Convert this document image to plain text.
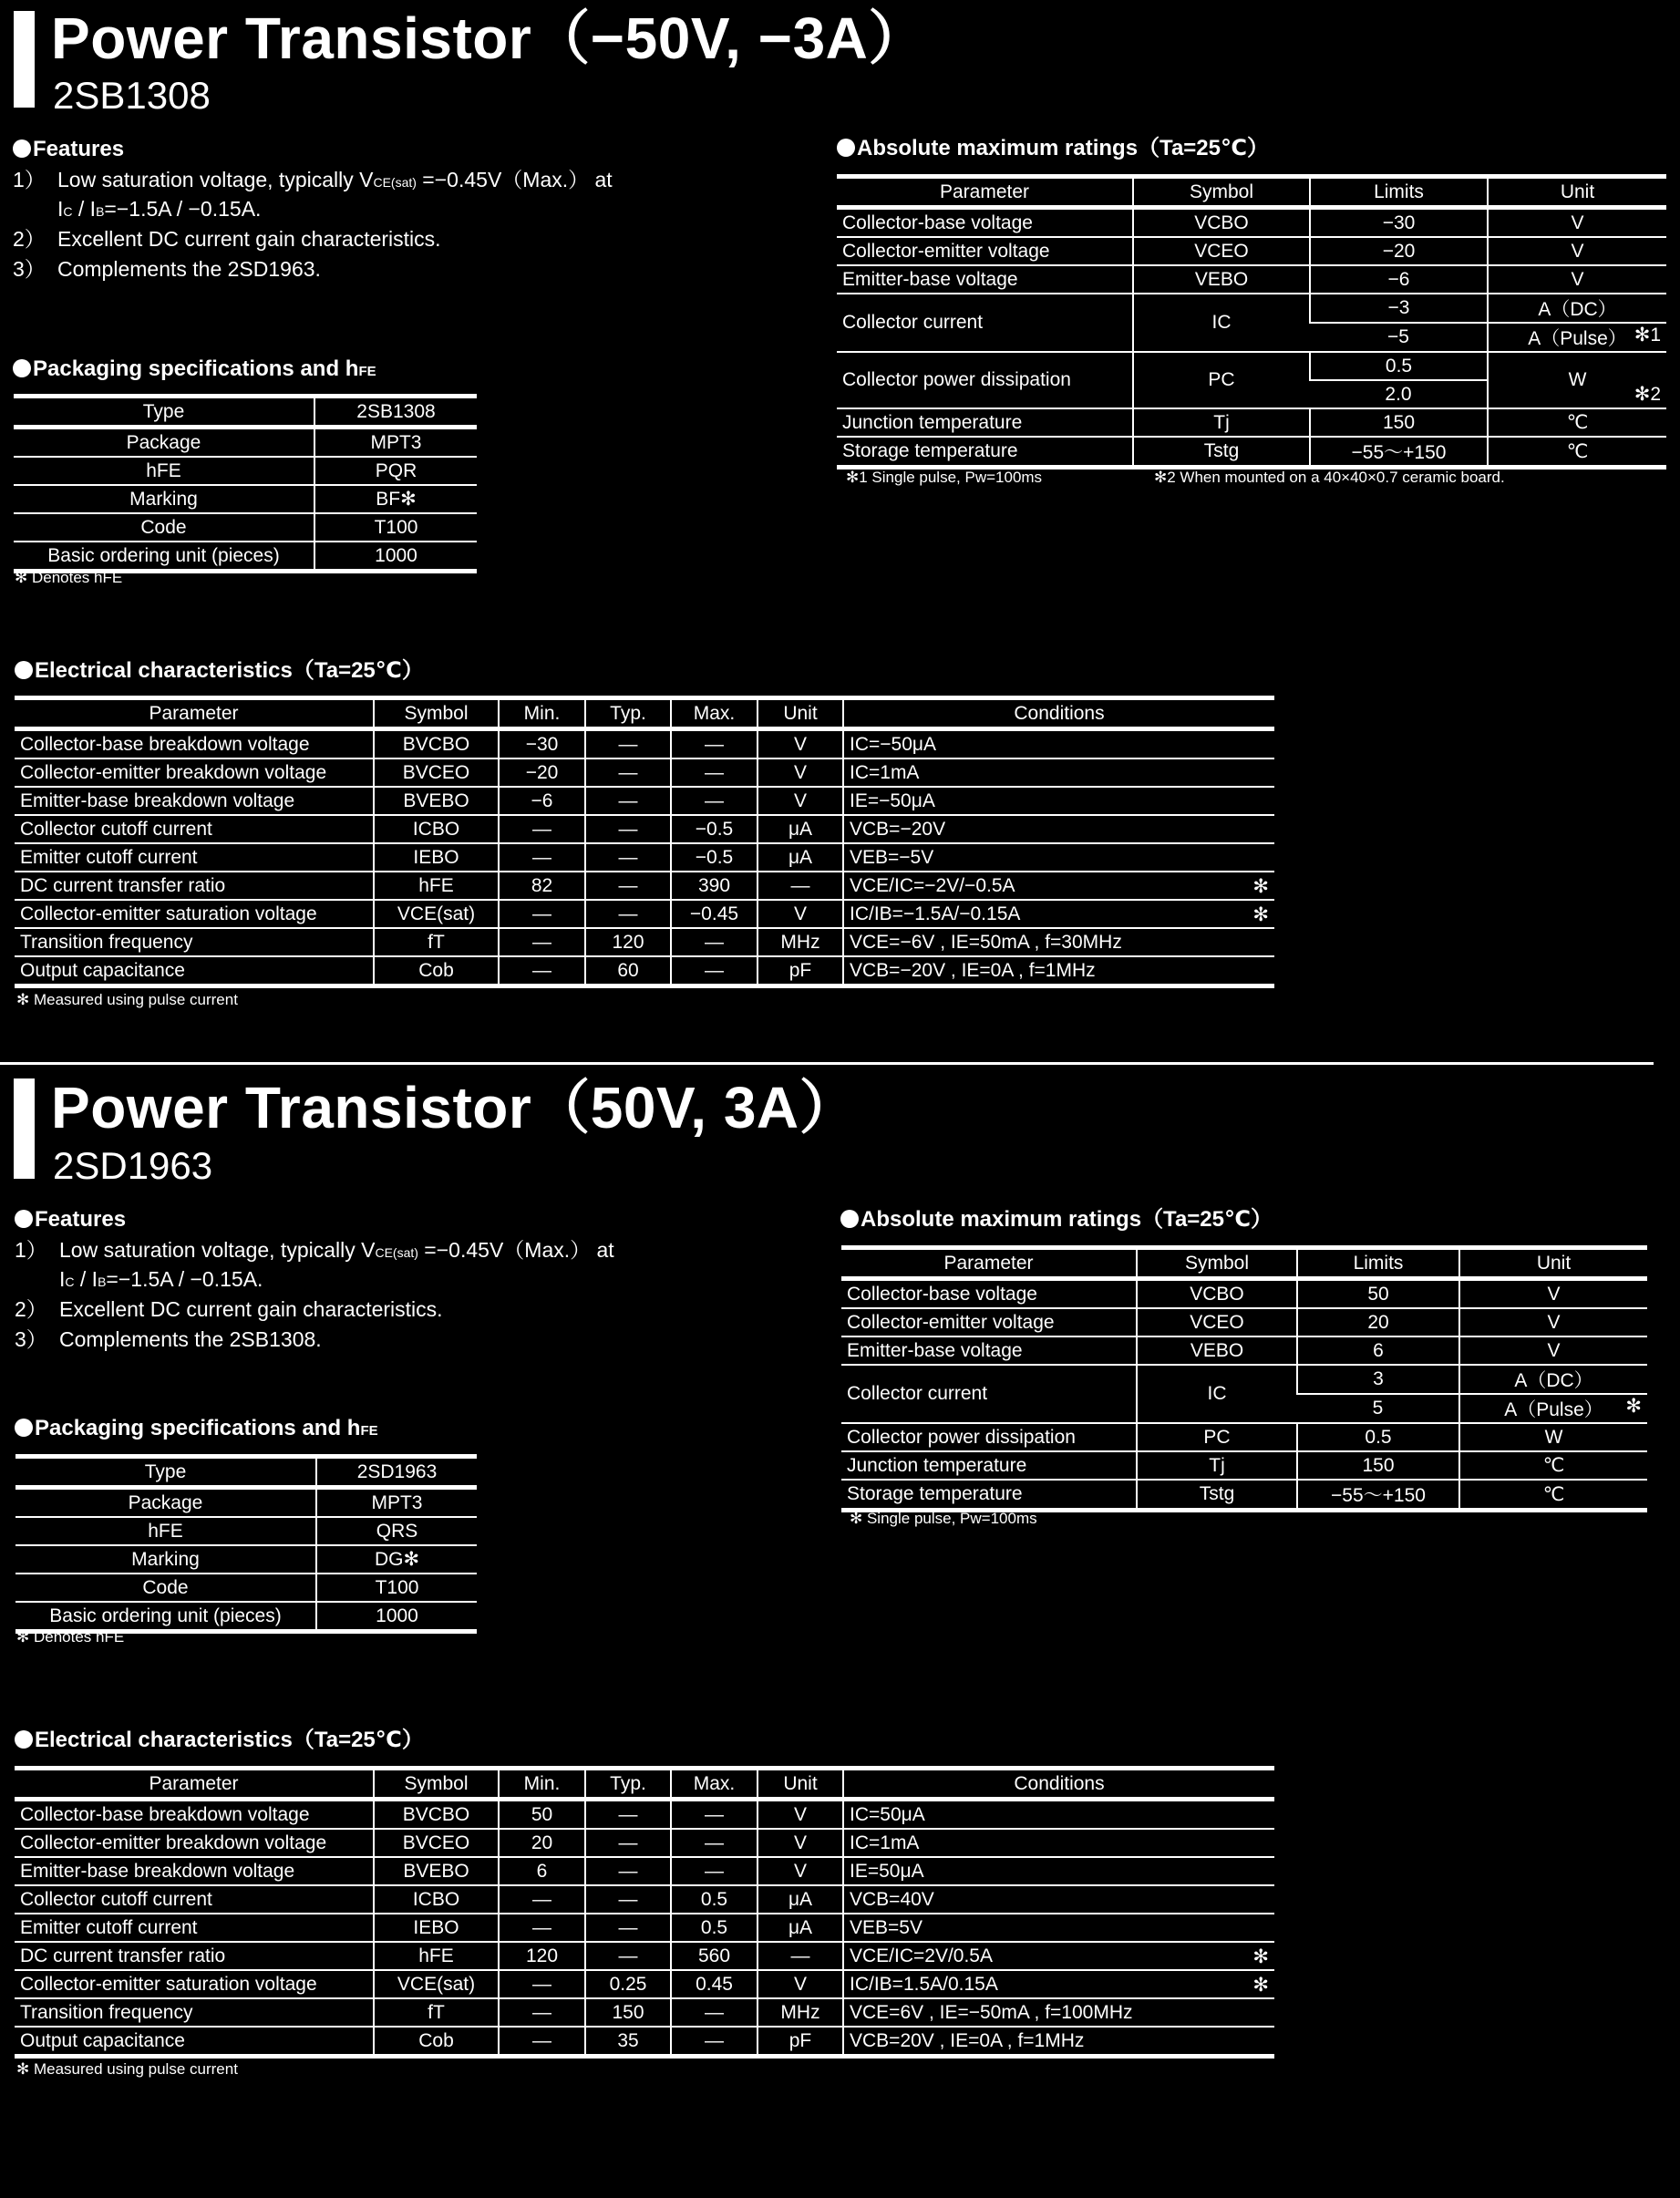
Power Transistor（−50V, −3A）
2SB1308
Features
1） Low saturation voltage, typically VCE(sat) =−0.45V（Max.） at
IC / IB=−1.5A / −0.15A.
2） Excellent DC current gain characteristics.
3） Complements the 2SD1963.
Packaging specifications and hFE
Type	2SB1308
Package	MPT3
hFE	PQR
Marking	BF✻
Code	T100
Basic ordering unit (pieces)	1000
✻ Denotes hFE
Absolute maximum ratings（Ta=25℃）
Parameter	Symbol	Limits	Unit
Collector-base voltage	VCBO	−30	V
Collector-emitter voltage	VCEO	−20	V
Emitter-base voltage	VEBO	−6	V
Collector current	IC	−3	A（DC）
		−5	A（Pulse） ✻1

Collector power dissipation	PC	0.5	W
✻2

		2.0	
Junction temperature	Tj	150	℃
Storage temperature	Tstg	−55～+150	℃
✻1 Single pulse, Pw=100ms	✻2 When mounted on a 40×40×0.7 ceramic board.
Electrical characteristics（Ta=25℃）
Parameter	Symbol	Min.	Typ.	Max.	Unit	Conditions
Collector-base breakdown voltage	BVCBO	−30	—	—	V	IC=−50μA

Collector-emitter breakdown voltage	BVCEO	−20	—	—	V	IC=1mA

Emitter-base breakdown voltage	BVEBO	−6	—	—	V	IE=−50μA

Collector cutoff current	ICBO	—	—	−0.5	μA	VCB=−20V

Emitter cutoff current	IEBO	—	—	−0.5	μA	VEB=−5V

DC current transfer ratio	hFE	82	—	390	—	VCE/IC=−2V/−0.5A ✻

Collector-emitter saturation voltage	VCE(sat)	—	—	−0.45	V	IC/IB=−1.5A/−0.15A ✻

Transition frequency	fT	—	120	—	MHz	VCE=−6V , IE=50mA , f=30MHz

Output capacitance	Cob	—	60	—	pF	VCB=−20V , IE=0A , f=1MHz
✻ Measured using pulse current
Power Transistor（50V, 3A）
2SD1963
Features
1） Low saturation voltage, typically VCE(sat) =−0.45V（Max.） at
IC / IB=−1.5A / −0.15A.
2） Excellent DC current gain characteristics.
3） Complements the 2SB1308.
Packaging specifications and hFE
Type	2SD1963
Package	MPT3
hFE	QRS
Marking	DG✻
Code	T100
Basic ordering unit (pieces)	1000
✻ Denotes hFE
Absolute maximum ratings（Ta=25℃）
Parameter	Symbol	Limits	Unit
Collector-base voltage	VCBO	50	V
Collector-emitter voltage	VCEO	20	V
Emitter-base voltage	VEBO	6	V
Collector current	IC	3	A（DC）
		5	A（Pulse） ✻

Collector power dissipation	PC	0.5	W
Junction temperature	Tj	150	℃
Storage temperature	Tstg	−55～+150	℃
✻ Single pulse, Pw=100ms
Electrical characteristics（Ta=25℃）
Parameter	Symbol	Min.	Typ.	Max.	Unit	Conditions
Collector-base breakdown voltage	BVCBO	50	—	—	V	IC=50μA

Collector-emitter breakdown voltage	BVCEO	20	—	—	V	IC=1mA

Emitter-base breakdown voltage	BVEBO	6	—	—	V	IE=50μA

Collector cutoff current	ICBO	—	—	0.5	μA	VCB=40V

Emitter cutoff current	IEBO	—	—	0.5	μA	VEB=5V

DC current transfer ratio	hFE	120	—	560	—	VCE/IC=2V/0.5A ✻

Collector-emitter saturation voltage	VCE(sat)	—	0.25	0.45	V	IC/IB=1.5A/0.15A ✻

Transition frequency	fT	—	150	—	MHz	VCE=6V , IE=−50mA , f=100MHz

Output capacitance	Cob	—	35	—	pF	VCB=20V , IE=0A , f=1MHz
✻ Measured using pulse current
